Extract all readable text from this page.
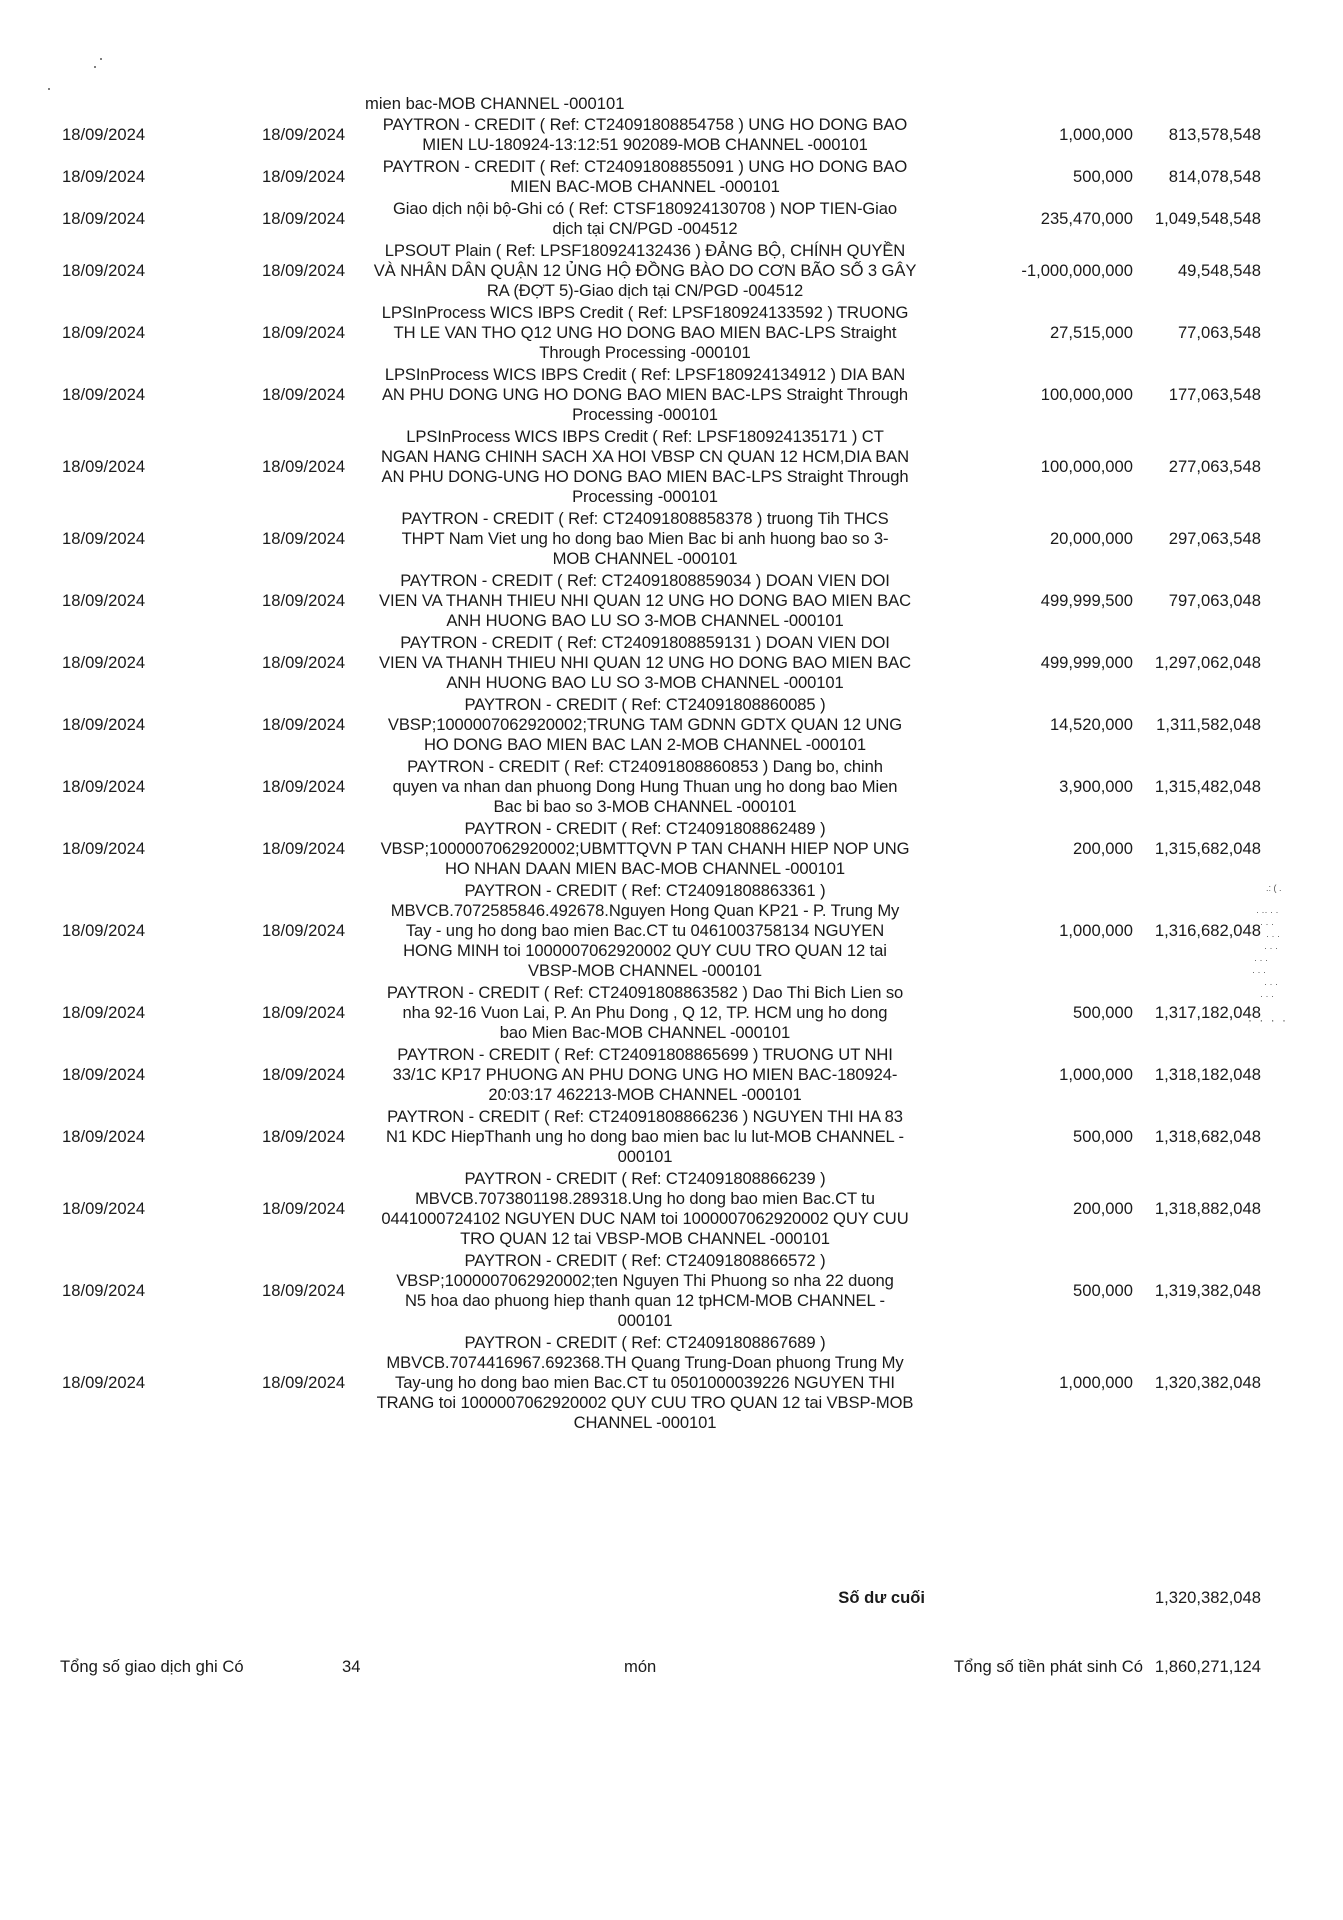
mien bac-MOB CHANNEL -000101
18/09/2024	18/09/2024
PAYTRON - CREDIT ( Ref: CT24091808854758 ) UNG HO DONG BAO
MIEN LU-180924-13:12:51 902089-MOB CHANNEL -000101
1,000,000 813,578,548
18/09/2024	18/09/2024
PAYTRON - CREDIT ( Ref: CT24091808855091 ) UNG HO DONG BAO
MIEN BAC-MOB CHANNEL -000101
500,000 814,078,548
18/09/2024	18/09/2024
Giao dịch nội bộ-Ghi có ( Ref: CTSF180924130708 ) NOP TIEN-Giao
dịch tại CN/PGD -004512
235,470,000 1,049,548,548
18/09/2024	18/09/2024
LPSOUT Plain ( Ref: LPSF180924132436 ) ĐẢNG BỘ, CHÍNH QUYỀN
VÀ NHÂN DÂN QUẬN 12 ỦNG HỘ ĐỒNG BÀO DO CƠN BÃO SỐ 3 GÂY
RA (ĐỢT 5)-Giao dịch tại CN/PGD -004512
-1,000,000,000	49,548,548
18/09/2024	18/09/2024
LPSInProcess WICS IBPS Credit ( Ref: LPSF180924133592 ) TRUONG
TH LE VAN THO Q12 UNG HO DONG BAO MIEN BAC-LPS Straight
Through Processing -000101
27,515,000	77,063,548
18/09/2024	18/09/2024
LPSInProcess WICS IBPS Credit ( Ref: LPSF180924134912 ) DIA BAN
AN PHU DONG UNG HO DONG BAO MIEN BAC-LPS Straight Through
Processing -000101
100,000,000 177,063,548
18/09/2024	18/09/2024
LPSInProcess WICS IBPS Credit ( Ref: LPSF180924135171 ) CT
NGAN HANG CHINH SACH XA HOI VBSP CN QUAN 12 HCM,DIA BAN
AN PHU DONG-UNG HO DONG BAO MIEN BAC-LPS Straight Through
Processing -000101
100,000,000 277,063,548
18/09/2024	18/09/2024
PAYTRON - CREDIT ( Ref: CT24091808858378 ) truong Tih THCS
THPT Nam Viet ung ho dong bao Mien Bac bi anh huong bao so 3-
MOB CHANNEL -000101
20,000,000 297,063,548
18/09/2024	18/09/2024
PAYTRON - CREDIT ( Ref: CT24091808859034 ) DOAN VIEN DOI
VIEN VA THANH THIEU NHI QUAN 12 UNG HO DONG BAO MIEN BAC
ANH HUONG BAO LU SO 3-MOB CHANNEL -000101
499,999,500 797,063,048
18/09/2024	18/09/2024
PAYTRON - CREDIT ( Ref: CT24091808859131 ) DOAN VIEN DOI
VIEN VA THANH THIEU NHI QUAN 12 UNG HO DONG BAO MIEN BAC
ANH HUONG BAO LU SO 3-MOB CHANNEL -000101
499,999,000 1,297,062,048
18/09/2024	18/09/2024
PAYTRON - CREDIT ( Ref: CT24091808860085 )
VBSP;1000007062920002;TRUNG TAM GDNN GDTX QUAN 12 UNG
HO DONG BAO MIEN BAC LAN 2-MOB CHANNEL -000101
14,520,000 1,311,582,048
18/09/2024	18/09/2024
PAYTRON - CREDIT ( Ref: CT24091808860853 ) Dang bo, chinh
quyen va nhan dan phuong Dong Hung Thuan ung ho dong bao Mien
Bac bi bao so 3-MOB CHANNEL -000101
3,900,000 1,315,482,048
18/09/2024	18/09/2024
PAYTRON - CREDIT ( Ref: CT24091808862489 )
VBSP;1000007062920002;UBMTTQVN P TAN CHANH HIEP NOP UNG
HO NHAN DAAN MIEN BAC-MOB CHANNEL -000101
200,000 1,315,682,048
18/09/2024	18/09/2024
PAYTRON - CREDIT ( Ref: CT24091808863361 )
MBVCB.7072585846.492678.Nguyen Hong Quan KP21 - P. Trung My
Tay - ung ho dong bao mien Bac.CT tu 0461003758134 NGUYEN
HONG MINH toi 1000007062920002 QUY CUU TRO QUAN 12 tai
VBSP-MOB CHANNEL -000101
1,000,000 1,316,682,048
18/09/2024	18/09/2024
PAYTRON - CREDIT ( Ref: CT24091808863582 ) Dao Thi Bich Lien so
nha 92-16 Vuon Lai, P. An Phu Dong , Q 12, TP. HCM ung ho dong
bao Mien Bac-MOB CHANNEL -000101
500,000 1,317,182,048
18/09/2024	18/09/2024
PAYTRON - CREDIT ( Ref: CT24091808865699 ) TRUONG UT NHI
33/1C KP17 PHUONG AN PHU DONG UNG HO MIEN BAC-180924-
20:03:17 462213-MOB CHANNEL -000101
1,000,000 1,318,182,048
18/09/2024	18/09/2024
PAYTRON - CREDIT ( Ref: CT24091808866236 ) NGUYEN THI HA 83
N1 KDC HiepThanh ung ho dong bao mien bac lu lut-MOB CHANNEL -
000101
500,000 1,318,682,048
18/09/2024	18/09/2024
PAYTRON - CREDIT ( Ref: CT24091808866239 )
MBVCB.7073801198.289318.Ung ho dong bao mien Bac.CT tu
0441000724102 NGUYEN DUC NAM toi 1000007062920002 QUY CUU
TRO QUAN 12 tai VBSP-MOB CHANNEL -000101
200,000 1,318,882,048
18/09/2024	18/09/2024
PAYTRON - CREDIT ( Ref: CT24091808866572 )
VBSP;1000007062920002;ten Nguyen Thi Phuong so nha 22 duong
N5 hoa dao phuong hiep thanh quan 12 tpHCM-MOB CHANNEL -
000101
500,000 1,319,382,048
18/09/2024	18/09/2024
PAYTRON - CREDIT ( Ref: CT24091808867689 )
MBVCB.7074416967.692368.TH Quang Trung-Doan phuong Trung My
Tay-ung ho dong bao mien Bac.CT tu 0501000039226 NGUYEN THI
TRANG toi 1000007062920002 QUY CUU TRO QUAN 12 tai VBSP-MOB
CHANNEL -000101
1,000,000 1,320,382,048
Số dư cuối	1,320,382,048
Tổng số giao dịch ghi Có	34	món	Tổng số tiền phát sinh Có 1,860,271,124
.: ( .

· ·· · ·
· · ·
· · ·
· · ·
· · ·
· · ·
· · ·
· · ·

· · · ·
